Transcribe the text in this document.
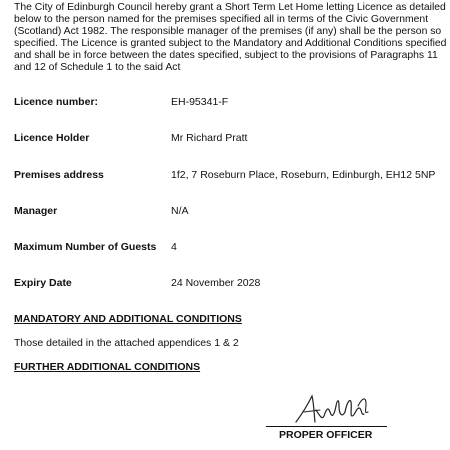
The City of Edinburgh Council hereby grant a Short Term Let Home letting Licence as detailed
below to the person named for the premises specified all in terms of the Civic Government
(Scotland) Act 1982. The responsible manager of the premises (if any) shall be the person so
specified. The Licence is granted subject to the Mandatory and Additional Conditions specified
and shall be in force between the dates specified, subject to the provisions of Paragraphs 11
and 12 of Schedule 1 to the said Act
Licence number:	EH-95341-F
Licence Holder	Mr Richard Pratt
Premises address	1f2, 7 Roseburn Place, Roseburn, Edinburgh, EH12 5NP
Manager	N/A
Maximum Number of Guests 4
Expiry Date	24 November 2028
MANDATORY AND ADDITIONAL CONDITIONS
Those detailed in the attached appendices 1 & 2
FURTHER ADDITIONAL CONDITIONS
PROPER OFFICER
